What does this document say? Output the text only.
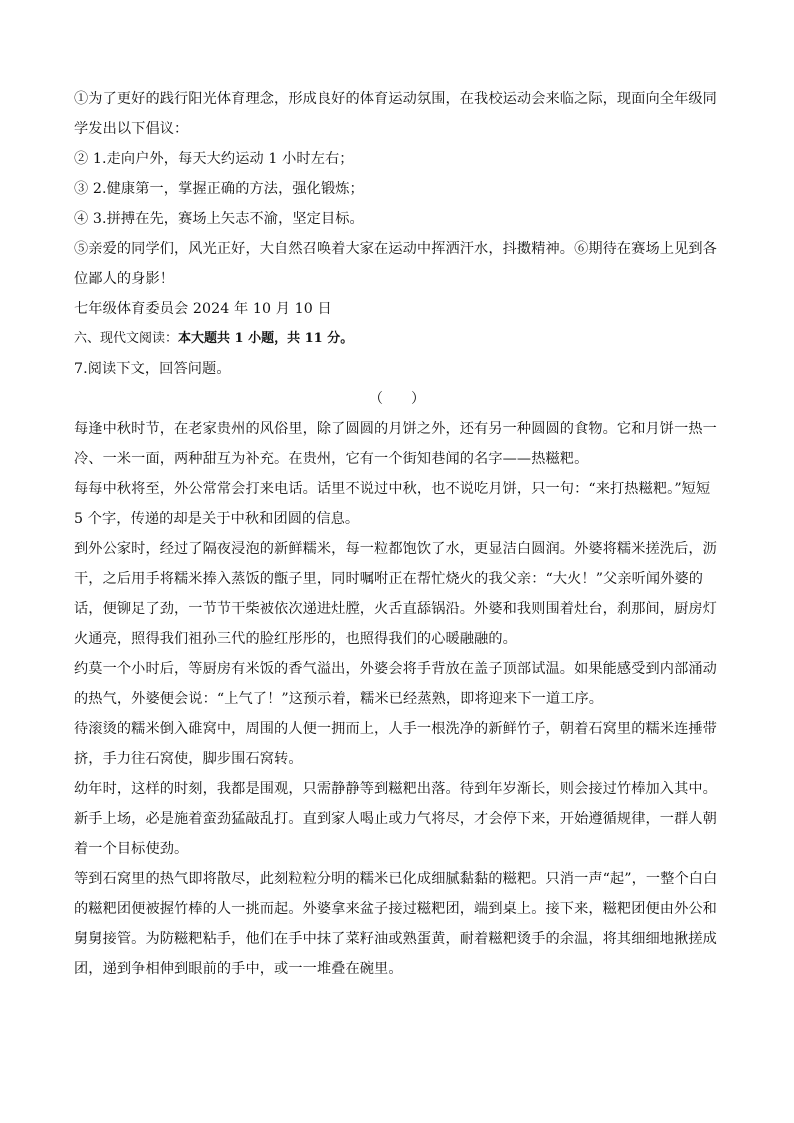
①为了更好的践行阳光体育理念，形成良好的体育运动氛围，在我校运动会来临之际，现面向全年级同学发出以下倡议：

② 1.走向户外，每天大约运动 1 小时左右；

③ 2.健康第一，掌握正确的方法，强化锻炼；

④ 3.拼搏在先，赛场上矢志不渝，坚定目标。

⑤亲爱的同学们，风光正好，大自然召唤着大家在运动中挥洒汗水，抖擞精神。⑥期待在赛场上见到各位鄙人的身影！

七年级体育委员会 2024 年 10 月 10 日

六、现代文阅读：本大题共 1 小题，共 11 分。

7.阅读下文，回答问题。

（　　）

每逢中秋时节，在老家贵州的风俗里，除了圆圆的月饼之外，还有另一种圆圆的食物。它和月饼一热一冷、一米一面，两种甜互为补充。在贵州，它有一个街知巷闻的名字——热糍粑。

每每中秋将至，外公常常会打来电话。话里不说过中秋，也不说吃月饼，只一句：“来打热糍粑。”短短 5 个字，传递的却是关于中秋和团圆的信息。

到外公家时，经过了隔夜浸泡的新鲜糯米，每一粒都饱饮了水，更显洁白圆润。外婆将糯米搓洗后，沥干，之后用手将糯米捧入蒸饭的甑子里，同时嘱咐正在帮忙烧火的我父亲：“大火！”父亲听闻外婆的话，便铆足了劲，一节节干柴被依次递进灶膛，火舌直舔锅沿。外婆和我则围着灶台，刹那间，厨房灯火通亮，照得我们祖孙三代的脸红彤彤的，也照得我们的心暖融融的。

约莫一个小时后，等厨房有米饭的香气溢出，外婆会将手背放在盖子顶部试温。如果能感受到内部涌动的热气，外婆便会说：“上气了！”这预示着，糯米已经蒸熟，即将迎来下一道工序。

待滚烫的糯米倒入碓窝中，周围的人便一拥而上，人手一根洗净的新鲜竹子，朝着石窝里的糯米连捶带挤，手力往石窝使，脚步围石窝转。

幼年时，这样的时刻，我都是围观，只需静静等到糍粑出落。待到年岁渐长，则会接过竹棒加入其中。新手上场，必是施着蛮劲猛敲乱打。直到家人喝止或力气将尽，才会停下来，开始遵循规律，一群人朝着一个目标使劲。

等到石窝里的热气即将散尽，此刻粒粒分明的糯米已化成细腻黏黏的糍粑。只消一声“起”，一整个白白的糍粑团便被握竹棒的人一挑而起。外婆拿来盆子接过糍粑团，端到桌上。接下来，糍粑团便由外公和舅舅接管。为防糍粑粘手，他们在手中抹了菜籽油或熟蛋黄，耐着糍粑烫手的余温，将其细细地揪搓成团，递到争相伸到眼前的手中，或一一堆叠在碗里。
